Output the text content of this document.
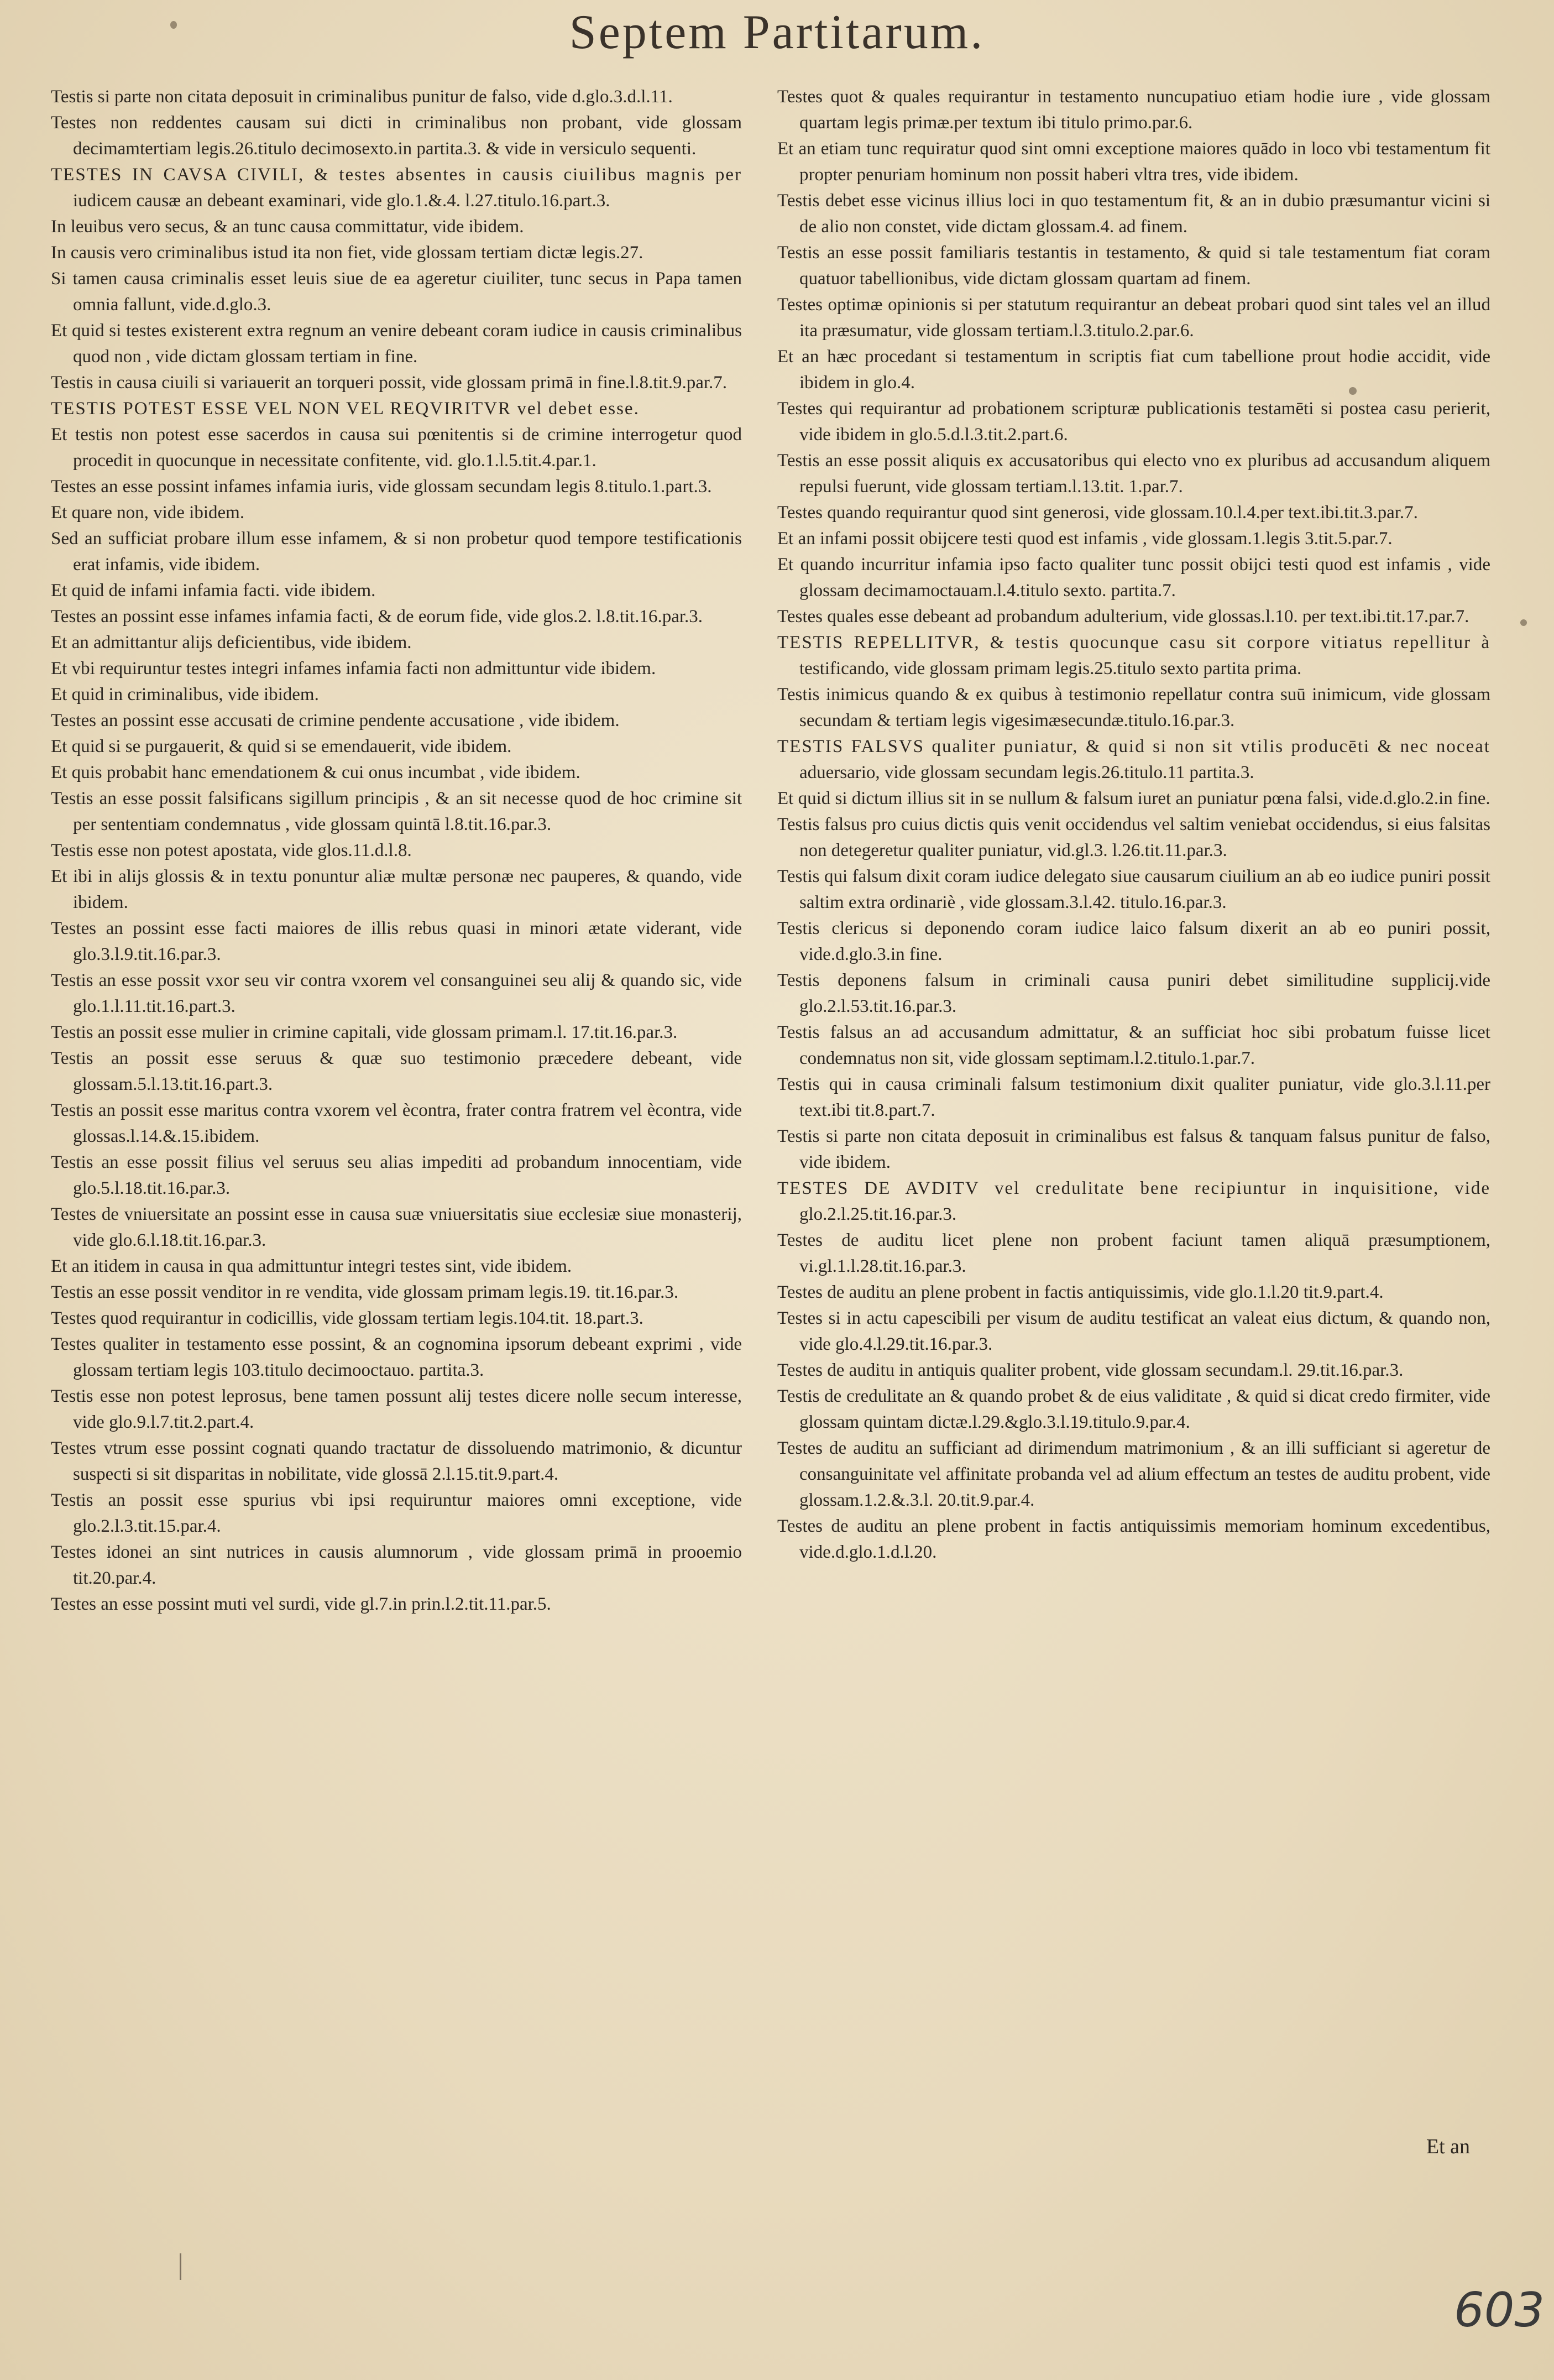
Septem Partitarum.

Testis si parte non citata deposuit in criminalibus punitur de falso, vide d.glo.3.d.l.11.

Testes non reddentes causam sui dicti in criminalibus non probant, vide glossam decimamtertiam legis.26.titulo decimosexto.in partita.3. & vide in versiculo sequenti.

TESTES IN CAVSA CIVILI, & testes absentes in causis ciuilibus magnis per iudicem causæ an debeant examinari, vide glo.1.&.4. l.27.titulo.16.part.3.

In leuibus vero secus, & an tunc causa committatur, vide ibidem.

In causis vero criminalibus istud ita non fiet, vide glossam tertiam dictæ legis.27.

Si tamen causa criminalis esset leuis siue de ea ageretur ciuiliter, tunc secus in Papa tamen omnia fallunt, vide.d.glo.3.

Et quid si testes existerent extra regnum an venire debeant coram iudice in causis criminalibus quod non , vide dictam glossam tertiam in fine.

Testis in causa ciuili si variauerit an torqueri possit, vide glossam primā in fine.l.8.tit.9.par.7.

TESTIS POTEST ESSE VEL NON VEL REQVIRITVR vel debet esse.

Et testis non potest esse sacerdos in causa sui pœnitentis si de crimine interrogetur quod procedit in quocunque in necessitate confitente, vid. glo.1.l.5.tit.4.par.1.

Testes an esse possint infames infamia iuris, vide glossam secundam legis 8.titulo.1.part.3.

Et quare non, vide ibidem.

Sed an sufficiat probare illum esse infamem, & si non probetur quod tempore testificationis erat infamis, vide ibidem.

Et quid de infami infamia facti. vide ibidem.

Testes an possint esse infames infamia facti, & de eorum fide, vide glos.2. l.8.tit.16.par.3.

Et an admittantur alijs deficientibus, vide ibidem.

Et vbi requiruntur testes integri infames infamia facti non admittuntur vide ibidem.

Et quid in criminalibus, vide ibidem.

Testes an possint esse accusati de crimine pendente accusatione , vide ibidem.

Et quid si se purgauerit, & quid si se emendauerit, vide ibidem.

Et quis probabit hanc emendationem & cui onus incumbat , vide ibidem.

Testis an esse possit falsificans sigillum principis , & an sit necesse quod de hoc crimine sit per sententiam condemnatus , vide glossam quintā l.8.tit.16.par.3.

Testis esse non potest apostata, vide glos.11.d.l.8.

Et ibi in alijs glossis & in textu ponuntur aliæ multæ personæ nec pauperes, & quando, vide ibidem.

Testes an possint esse facti maiores de illis rebus quasi in minori ætate viderant, vide glo.3.l.9.tit.16.par.3.

Testis an esse possit vxor seu vir contra vxorem vel consanguinei seu alij & quando sic, vide glo.1.l.11.tit.16.part.3.

Testis an possit esse mulier in crimine capitali, vide glossam primam.l. 17.tit.16.par.3.

Testis an possit esse seruus & quæ suo testimonio præcedere debeant, vide glossam.5.l.13.tit.16.part.3.

Testis an possit esse maritus contra vxorem vel ècontra, frater contra fratrem vel ècontra, vide glossas.l.14.&.15.ibidem.

Testis an esse possit filius vel seruus seu alias impediti ad probandum innocentiam, vide glo.5.l.18.tit.16.par.3.

Testes de vniuersitate an possint esse in causa suæ vniuersitatis siue ecclesiæ siue monasterij, vide glo.6.l.18.tit.16.par.3.

Et an itidem in causa in qua admittuntur integri testes sint, vide ibidem.

Testis an esse possit venditor in re vendita, vide glossam primam legis.19. tit.16.par.3.

Testes quod requirantur in codicillis, vide glossam tertiam legis.104.tit. 18.part.3.

Testes qualiter in testamento esse possint, & an cognomina ipsorum debeant exprimi , vide glossam tertiam legis 103.titulo decimooctauo. partita.3.

Testis esse non potest leprosus, bene tamen possunt alij testes dicere nolle secum interesse, vide glo.9.l.7.tit.2.part.4.

Testes vtrum esse possint cognati quando tractatur de dissoluendo matrimonio, & dicuntur suspecti si sit disparitas in nobilitate, vide glossā 2.l.15.tit.9.part.4.

Testis an possit esse spurius vbi ipsi requiruntur maiores omni exceptione, vide glo.2.l.3.tit.15.par.4.

Testes idonei an sint nutrices in causis alumnorum , vide glossam primā in prooemio tit.20.par.4.

Testes an esse possint muti vel surdi, vide gl.7.in prin.l.2.tit.11.par.5.

Testes quot & quales requirantur in testamento nuncupatiuo etiam hodie iure , vide glossam quartam legis primæ.per textum ibi titulo primo.par.6.

Et an etiam tunc requiratur quod sint omni exceptione maiores quādo in loco vbi testamentum fit propter penuriam hominum non possit haberi vltra tres, vide ibidem.

Testis debet esse vicinus illius loci in quo testamentum fit, & an in dubio præsumantur vicini si de alio non constet, vide dictam glossam.4. ad finem.

Testis an esse possit familiaris testantis in testamento, & quid si tale testamentum fiat coram quatuor tabellionibus, vide dictam glossam quartam ad finem.

Testes optimæ opinionis si per statutum requirantur an debeat probari quod sint tales vel an illud ita præsumatur, vide glossam tertiam.l.3.titulo.2.par.6.

Et an hæc procedant si testamentum in scriptis fiat cum tabellione prout hodie accidit, vide ibidem in glo.4.

Testes qui requirantur ad probationem scripturæ publicationis testamēti si postea casu perierit, vide ibidem in glo.5.d.l.3.tit.2.part.6.

Testis an esse possit aliquis ex accusatoribus qui electo vno ex pluribus ad accusandum aliquem repulsi fuerunt, vide glossam tertiam.l.13.tit. 1.par.7.

Testes quando requirantur quod sint generosi, vide glossam.10.l.4.per text.ibi.tit.3.par.7.

Et an infami possit obijcere testi quod est infamis , vide glossam.1.legis 3.tit.5.par.7.

Et quando incurritur infamia ipso facto qualiter tunc possit obijci testi quod est infamis , vide glossam decimamoctauam.l.4.titulo sexto. partita.7.

Testes quales esse debeant ad probandum adulterium, vide glossas.l.10. per text.ibi.tit.17.par.7.

TESTIS REPELLITVR, & testis quocunque casu sit corpore vitiatus repellitur à testificando, vide glossam primam legis.25.titulo sexto partita prima.

Testis inimicus quando & ex quibus à testimonio repellatur contra suū inimicum, vide glossam secundam & tertiam legis vigesimæsecundæ.titulo.16.par.3.

TESTIS FALSVS qualiter puniatur, & quid si non sit vtilis producēti & nec noceat aduersario, vide glossam secundam legis.26.titulo.11 partita.3.

Et quid si dictum illius sit in se nullum & falsum iuret an puniatur pœna falsi, vide.d.glo.2.in fine.

Testis falsus pro cuius dictis quis venit occidendus vel saltim veniebat occidendus, si eius falsitas non detegeretur qualiter puniatur, vid.gl.3. l.26.tit.11.par.3.

Testis qui falsum dixit coram iudice delegato siue causarum ciuilium an ab eo iudice puniri possit saltim extra ordinariè , vide glossam.3.l.42. titulo.16.par.3.

Testis clericus si deponendo coram iudice laico falsum dixerit an ab eo puniri possit, vide.d.glo.3.in fine.

Testis deponens falsum in criminali causa puniri debet similitudine supplicij.vide glo.2.l.53.tit.16.par.3.

Testis falsus an ad accusandum admittatur, & an sufficiat hoc sibi probatum fuisse licet condemnatus non sit, vide glossam septimam.l.2.titulo.1.par.7.

Testis qui in causa criminali falsum testimonium dixit qualiter puniatur, vide glo.3.l.11.per text.ibi tit.8.part.7.

Testis si parte non citata deposuit in criminalibus est falsus & tanquam falsus punitur de falso, vide ibidem.

TESTES DE AVDITV vel credulitate bene recipiuntur in inquisitione, vide glo.2.l.25.tit.16.par.3.

Testes de auditu licet plene non probent faciunt tamen aliquā præsumptionem, vi.gl.1.l.28.tit.16.par.3.

Testes de auditu an plene probent in factis antiquissimis, vide glo.1.l.20 tit.9.part.4.

Testes si in actu capescibili per visum de auditu testificat an valeat eius dictum, & quando non, vide glo.4.l.29.tit.16.par.3.

Testes de auditu in antiquis qualiter probent, vide glossam secundam.l. 29.tit.16.par.3.

Testis de credulitate an & quando probet & de eius validitate , & quid si dicat credo firmiter, vide glossam quintam dictæ.l.29.&glo.3.l.19.titulo.9.par.4.

Testes de auditu an sufficiant ad dirimendum matrimonium , & an illi sufficiant si ageretur de consanguinitate vel affinitate probanda vel ad alium effectum an testes de auditu probent, vide glossam.1.2.&.3.l. 20.tit.9.par.4.

Testes de auditu an plene probent in factis antiquissimis memoriam hominum excedentibus, vide.d.glo.1.d.l.20.

Et an
603
